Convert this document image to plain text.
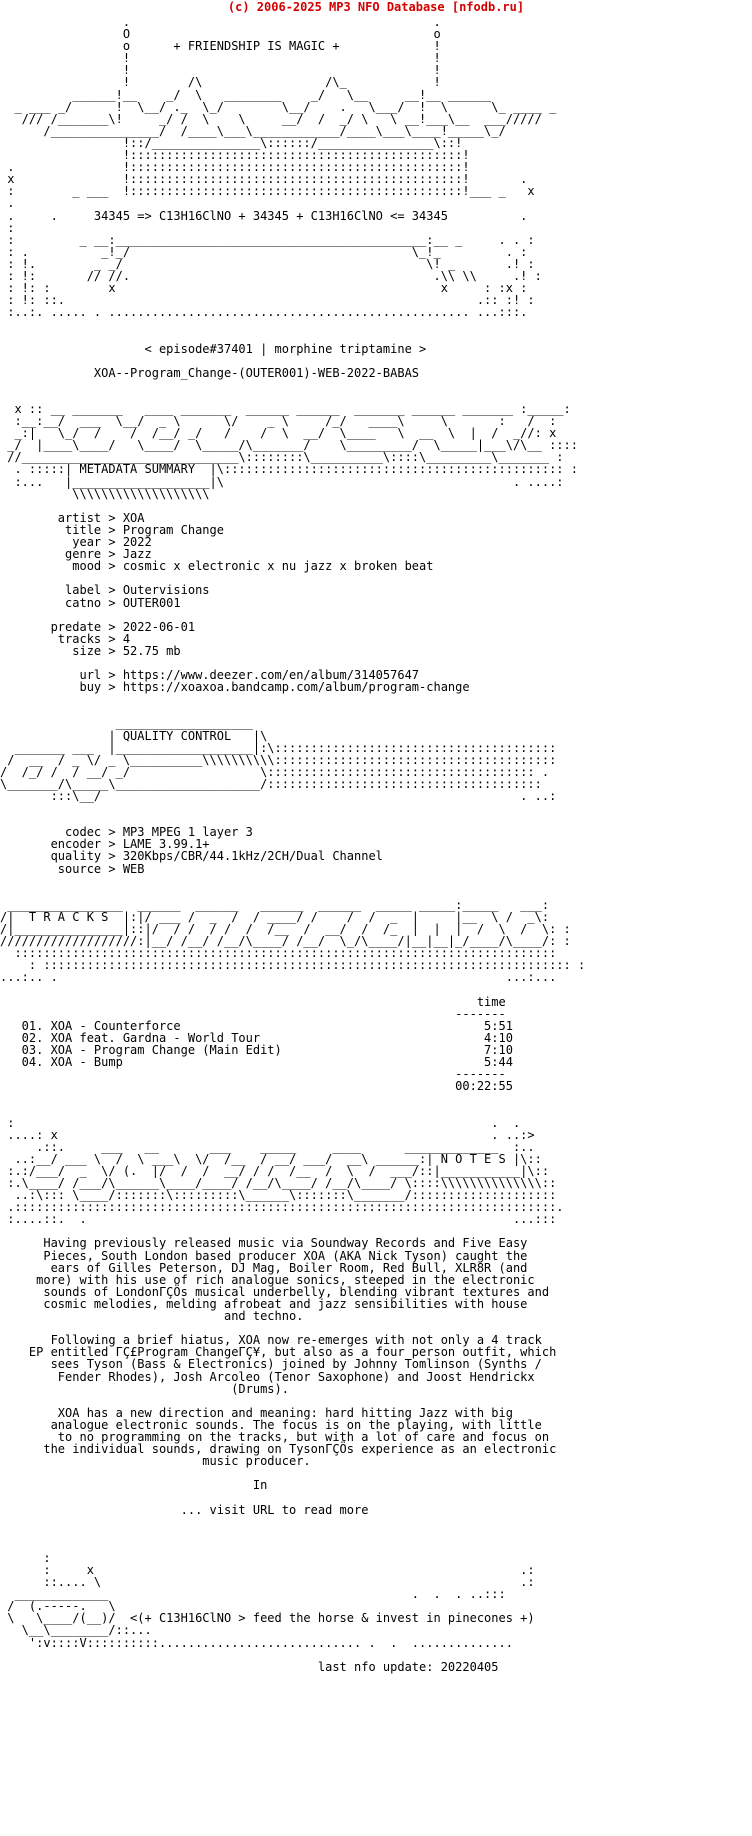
(c) 2006-2025 MP3 NFO Database [nfodb.ru]
.                                          .
O                                          o
o      + FRIENDSHIP IS MAGIC +             !
!                                          !
!                                          !
!        /\                 /\_            !
______!__    _/  \   ________    _/   \__     __!__ ______
_ ___ _/      !  \__/ ._  \_/        \__/    .   \___/  !  \      \_ ____ _
/// /_______\!     _/ /  \    \     __/  /  _/ \   \ __!___\__  ___/////
/_______________/  /____\___\____________/____\___\____!_____\_/
!::/_______________\::::::/________________\::!
!::::::::::::::::::::::::::::::::::::::::::::::!
.               !::::::::::::::::::::::::::::::::::::::::::::::!
x               !::::::::::::::::::::::::::::::::::::::::::::::!       .
:        _ ___  !::::::::::::::::::::::::::::::::::::::::::::::!___ _   x
.
.     .     34345 => C13H16ClNO + 34345 + C13H16ClNO <= 34345          .
:
:         _ __:___________________________________________:__ _     . . :
: .          _!_/                                       \_!_         . :
: !.        _ _/                                          \! _       .! :
: !:       // //.                                          .\\ \\     .! :
: !: :        x                                             x     : :x :
: !: ::.                                                         .:: :! :
:..:. ..... . .................................................. ...:::.

< episode#37401 | morphine triptamine >

XOA--Program_Change-(OUTER001)-WEB-2022-BABAS

x :: __ _______   ____ _______  ______ ______  _______ ______ _______ :_____:
:__:__/  ___  \__/  _ \      \/    _ \     /_/   ____\     \       :   /  :
_:|   \_/  /    /  /__/ _/   /    /  \  __/  \____   \  __  \  |  /  _//: x
_/  |____\____/   \____/  \_____/\_______/    \_________/  \_____|___\/\__ ::::
//______________________________\::::::::\__________\::::\_________\_______ :
. :::::| METADATA SUMMARY  |\::::::::::::::::::::::::::::::::::::::::::::::: :
:...   |___________________|\                                        . ....:
\\\\\\\\\\\\\\\\\\\

artist > XOA
title > Program Change
year > 2022
genre > Jazz
mood > cosmic x electronic x nu jazz x broken beat

label > Outervisions
catno > OUTER001

predate > 2022-06-01
tracks > 4
size > 52.75 mb

url > https://www.deezer.com/en/album/314057647
buy > https://xoaxoa.bandcamp.com/album/program-change

___________________
| QUALITY CONTROL   |\
_______ ___  |___________________|:\:::::::::::::::::::::::::::::::::::::::
/  __  / _ \/ _ \__________\\\\\\\\\\:::::::::::::::::::::::::::::::::::::::
/  /_/ /  / __/ _/                  \::::::::::::::::::::::::::::::::::::: .
\_______/\_____\____________________/::::::::::::::::::::::::::::::::::::::
:::\__/                                                          . ..:

codec > MP3 MPEG 1 layer 3
encoder > LAME 3.99.1+
quality > 320Kbps/CBR/44.1kHz/2CH/Dual Channel
source > WEB

________________  ______  ______   ______  ______  _____ _____:_____   ___:
/|  T R A C K S  |:|/ ___ /  _  /  / ____/ /    /  /  _  |     |__  \ /  _\:
/|_______________|::|/  / /  / /  /  /__  /  __/  /  /_  |  |  |  /  \  /  \: :
///////////////////:|__/ /__/ /__/\____/ /__/  \_/\____/|__|__|_/____/\____/: :
:::::::::::::::::::::::::::::::::::::::::::::::::::::::::::::::::::::::::::
: ::::::::::::::::::::::::::::::::::::::::::::::::::::::::::::::::::::::::: :
...:.. .                                                              ...:...

time
-------
01. XOA - Counterforce                                          5:51
02. XOA feat. Gardna - World Tour                               4:10
03. XOA - Program Change (Main Edit)                            7:10
04. XOA - Bump                                                  5:44
-------
00:22:55

:                                                                  .  .
....: x                                                            . ..:>
.::.     ___   __       ___    _____     ____      _____________  :..
..:__/ ___ \  /  \ ___\  \/  /__  / __/ ___/  __\ ______:| N O T E S |\::
:.:/___/  _  \/ (.  |/  /  /  __/ / /  /__  /  \  /  ___/::|___________|\::
:.\____/ /___/\______\____/____/ /__/\____/ /__/\____/ \::::\\\\\\\\\\\\\\::
..:\::: \____/:::::::\:::::::::\______\:::::::\_______/::::::::::::::::::::
.:::::::::::::::::::::::::::::::::::::::::::::::::::::::::::::::::::::::::::.
:....::.  .                                                           ...:::

Having previously released music via Soundway Records and Five Easy
Pieces, South London based producer XOA (AKA Nick Tyson) caught the
ears of Gilles Peterson, DJ Mag, Boiler Room, Red Bull, XLR8R (and
more) with his use of rich analogue sonics, steeped in the electronic
sounds of LondonΓÇÖs musical underbelly, blending vibrant textures and
cosmic melodies, melding afrobeat and jazz sensibilities with house
and techno.

Following a brief hiatus, XOA now re-emerges with not only a 4 track
EP entitled ΓÇ£Program ChangeΓÇ¥, but also as a four person outfit, which
sees Tyson (Bass & Electronics) joined by Johnny Tomlinson (Synths /
Fender Rhodes), Josh Arcoleo (Tenor Saxophone) and Joost Hendrickx
(Drums).

XOA has a new direction and meaning: hard hitting Jazz with big
analogue electronic sounds. The focus is on the playing, with little
to no programming on the tracks, but with a lot of care and focus on
the individual sounds, drawing on TysonΓÇÖs experience as an electronic
music producer.

In

... visit URL to read more

:
:     x                                                           .:
::.... \                                                          .:
_____________                                          .  .  . ..:::
/  (.-----.   \
\   \____/(__)/  <(+ C13H16ClNO > feed the horse & invest in pinecones +)
\__\________/::...
':v::::V::::::::::............................ .  .  ..............

last nfo update: 20220405
